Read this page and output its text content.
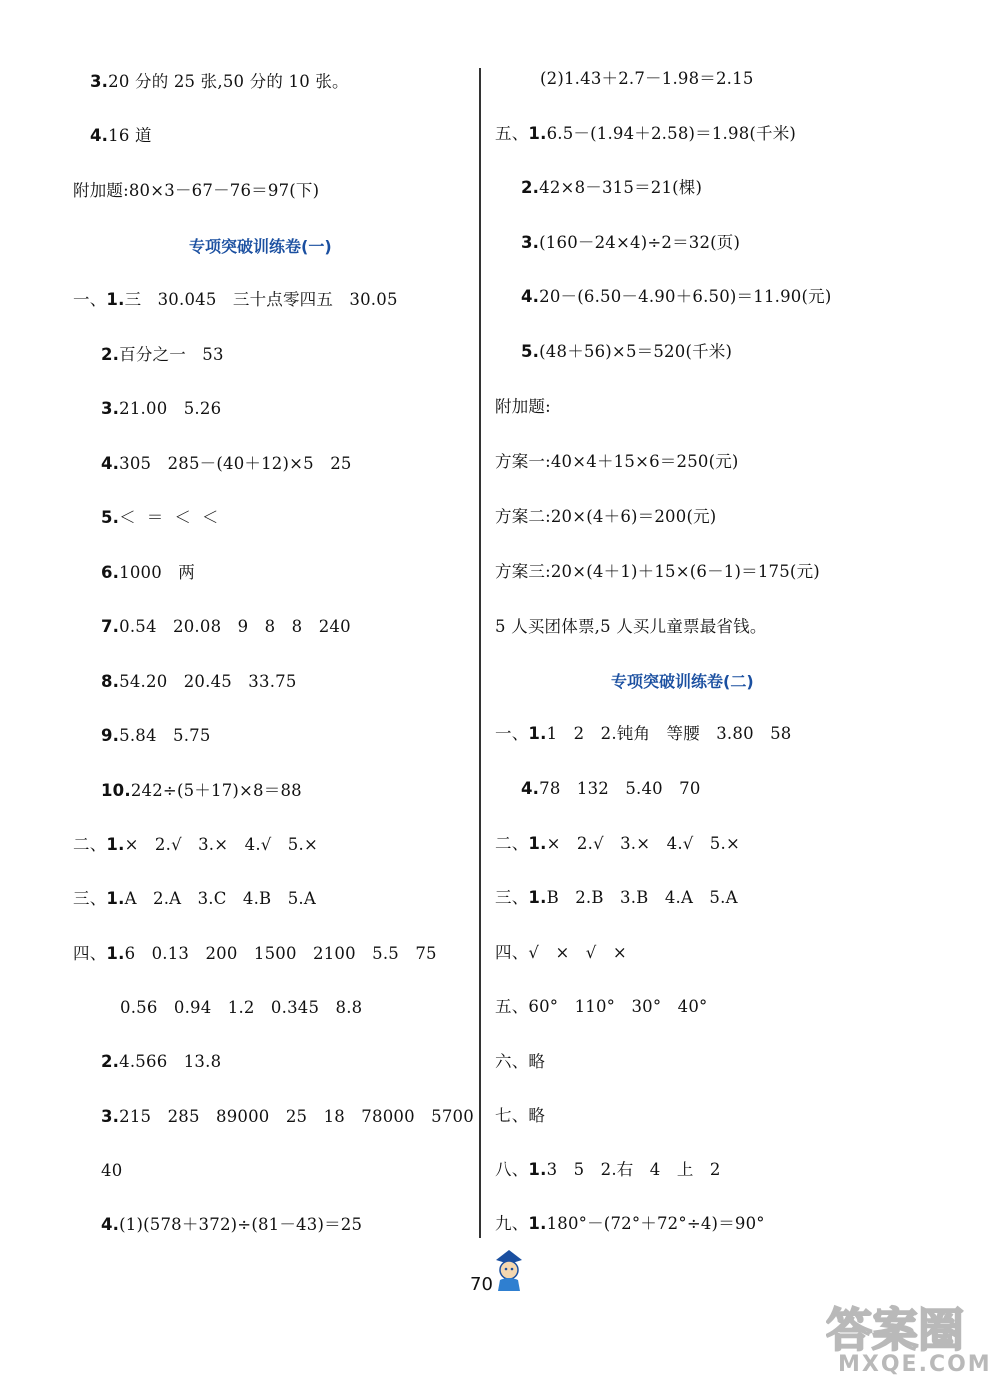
3.20 分的 25 张,50 分的 10 张。
4.16 道
附加题:80×3－67－76＝97(下)
专项突破训练卷(一)
一、1.三   30.045   三十点零四五   30.05
2.百分之一   53
3.21.00   5.26
4.305   285－(40＋12)×5   25
5.＜  ＝  ＜  ＜
6.1000   两
7.0.54   20.08   9   8   8   240
8.54.20   20.45   33.75
9.5.84   5.75
10.242÷(5＋17)×8＝88
二、1.×   2.√   3.×   4.√   5.×
三、1.A   2.A   3.C   4.B   5.A
四、1.6   0.13   200   1500   2100   5.5   75
0.56   0.94   1.2   0.345   8.8
2.4.566   13.8
3.215   285   89000   25   18   78000   5700
40
4.(1)(578＋372)÷(81－43)＝25
(2)1.43＋2.7－1.98＝2.15
五、1.6.5－(1.94＋2.58)＝1.98(千米)
2.42×8－315＝21(棵)
3.(160－24×4)÷2＝32(页)
4.20－(6.50－4.90＋6.50)＝11.90(元)
5.(48＋56)×5＝520(千米)
附加题:
方案一:40×4＋15×6＝250(元)
方案二:20×(4＋6)＝200(元)
方案三:20×(4＋1)＋15×(6－1)＝175(元)
5 人买团体票,5 人买儿童票最省钱。
专项突破训练卷(二)
一、1.1   2   2.钝角   等腰   3.80   58
4.78   132   5.40   70
二、1.×   2.√   3.×   4.√   5.×
三、1.B   2.B   3.B   4.A   5.A
四、√   ×   √   ×
五、60°   110°   30°   40°
六、略
七、略
八、1.3   5   2.右   4   上   2
九、1.180°－(72°＋72°÷4)＝90°
70
答案圈
MXQE.COM
